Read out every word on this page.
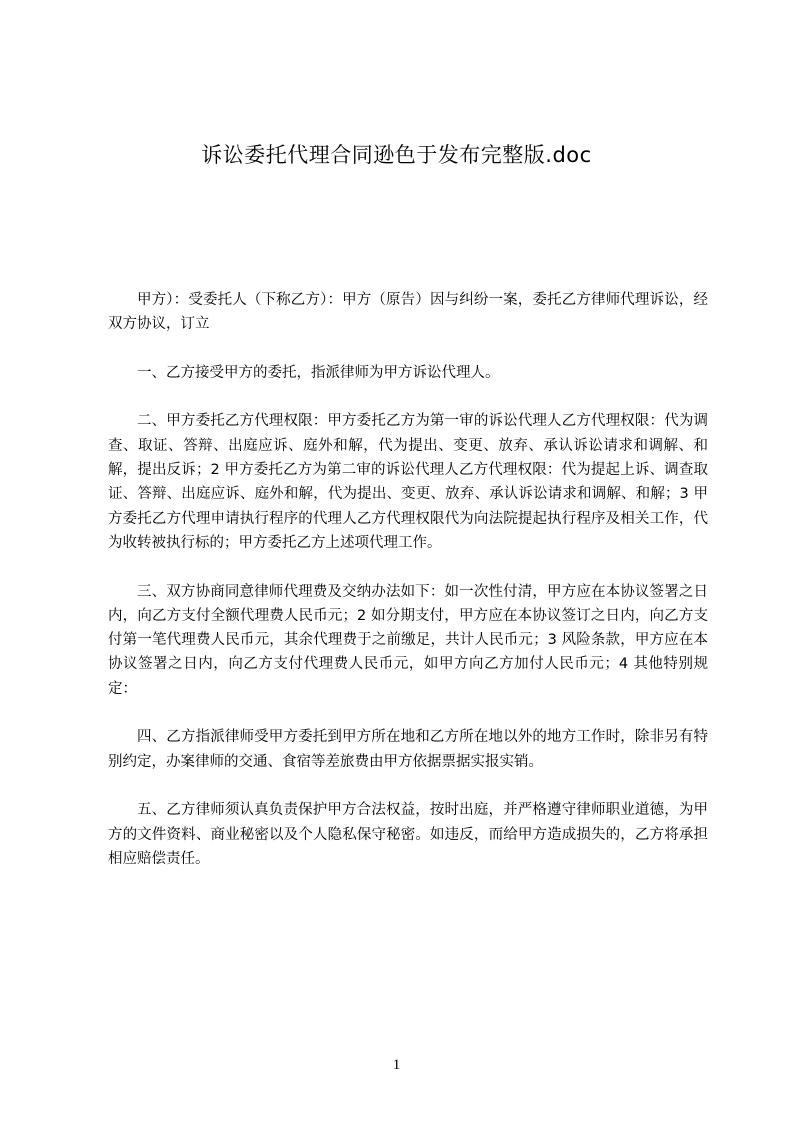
诉讼委托代理合同逊色于发布完整版.doc

甲方）：受委托人（下称乙方）：甲方（原告）因与纠纷一案，委托乙方律师代理诉讼，经双方协议，订立

一、乙方接受甲方的委托，指派律师为甲方诉讼代理人。

二、甲方委托乙方代理权限：甲方委托乙方为第一审的诉讼代理人乙方代理权限：代为调查、取证、答辩、出庭应诉、庭外和解，代为提出、变更、放弃、承认诉讼请求和调解、和解，提出反诉；2 甲方委托乙方为第二审的诉讼代理人乙方代理权限：代为提起上诉、调查取证、答辩、出庭应诉、庭外和解，代为提出、变更、放弃、承认诉讼请求和调解、和解；3 甲方委托乙方代理申请执行程序的代理人乙方代理权限代为向法院提起执行程序及相关工作，代为收转被执行标的；甲方委托乙方上述项代理工作。

三、双方协商同意律师代理费及交纳办法如下：如一次性付清，甲方应在本协议签署之日内，向乙方支付全额代理费人民币元；2 如分期支付，甲方应在本协议签订之日内，向乙方支付第一笔代理费人民币元，其余代理费于之前缴足，共计人民币元；3 风险条款，甲方应在本协议签署之日内，向乙方支付代理费人民币元，如甲方向乙方加付人民币元；4 其他特别规定：

四、乙方指派律师受甲方委托到甲方所在地和乙方所在地以外的地方工作时，除非另有特别约定，办案律师的交通、食宿等差旅费由甲方依据票据实报实销。

五、乙方律师须认真负责保护甲方合法权益，按时出庭，并严格遵守律师职业道德，为甲方的文件资料、商业秘密以及个人隐私保守秘密。如违反，而给甲方造成损失的，乙方将承担相应赔偿责任。

1
